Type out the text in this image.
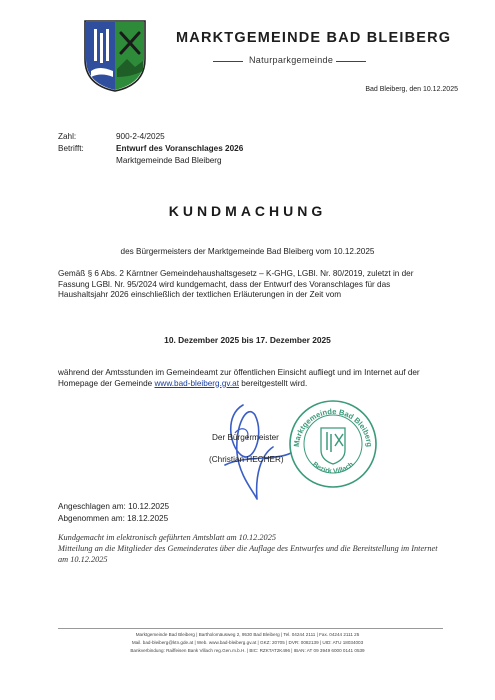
MARKTGEMEINDE BAD BLEIBERG
Naturparkgemeinde
Bad Bleiberg, den 10.12.2025
Zahl:	900-2-4/2025
Betrifft:	Entwurf des Voranschlages 2026
Marktgemeinde Bad Bleiberg
KUNDMACHUNG
des Bürgermeisters der Marktgemeinde Bad Bleiberg vom 10.12.2025
Gemäß § 6 Abs. 2 Kärntner Gemeindehaushaltsgesetz – K-GHG, LGBl. Nr. 80/2019, zuletzt in der Fassung LGBl. Nr. 95/2024 wird kundgemacht, dass der Entwurf des Voranschlages für das Haushaltsjahr 2026 einschließlich der textlichen Erläuterungen in der Zeit vom
10. Dezember 2025 bis 17. Dezember 2025
während der Amtsstunden im Gemeindeamt zur öffentlichen Einsicht aufliegt und im Internet auf der Homepage der Gemeinde www.bad-bleiberg.gv.at bereitgestellt wird.
Marktgemeinde Bad Bleiberg
Bezirk Villach
Der Bürgermeister
(Christian HECHER)
Angeschlagen am: 10.12.2025
Abgenommen am: 18.12.2025
Kundgemacht im elektronisch geführten Amtsblatt am 10.12.2025
Mitteilung an die Mitglieder des Gemeinderates über die Auflage des Entwurfes und die Bereitstellung im Internet am 10.12.2025
Marktgemeinde Bad Bleiberg | Bartholomäusweg 2, 9530 Bad Bleiberg | Tel. 04244 2111 | Fax. 04244 2111 25
Mail. bad-bleiberg@ktn.gde.at | Web. www.bad-bleiberg.gv.at | GKZ: 20705 | DVR: 0082139 | UID: ATU 18034003
Bankverbindung: Raiffeisen Bank Villach reg.Gen.m.b.H. | BIC: RZKTAT2K496 | IBAN: AT 09 3949 6000 0141 0539
